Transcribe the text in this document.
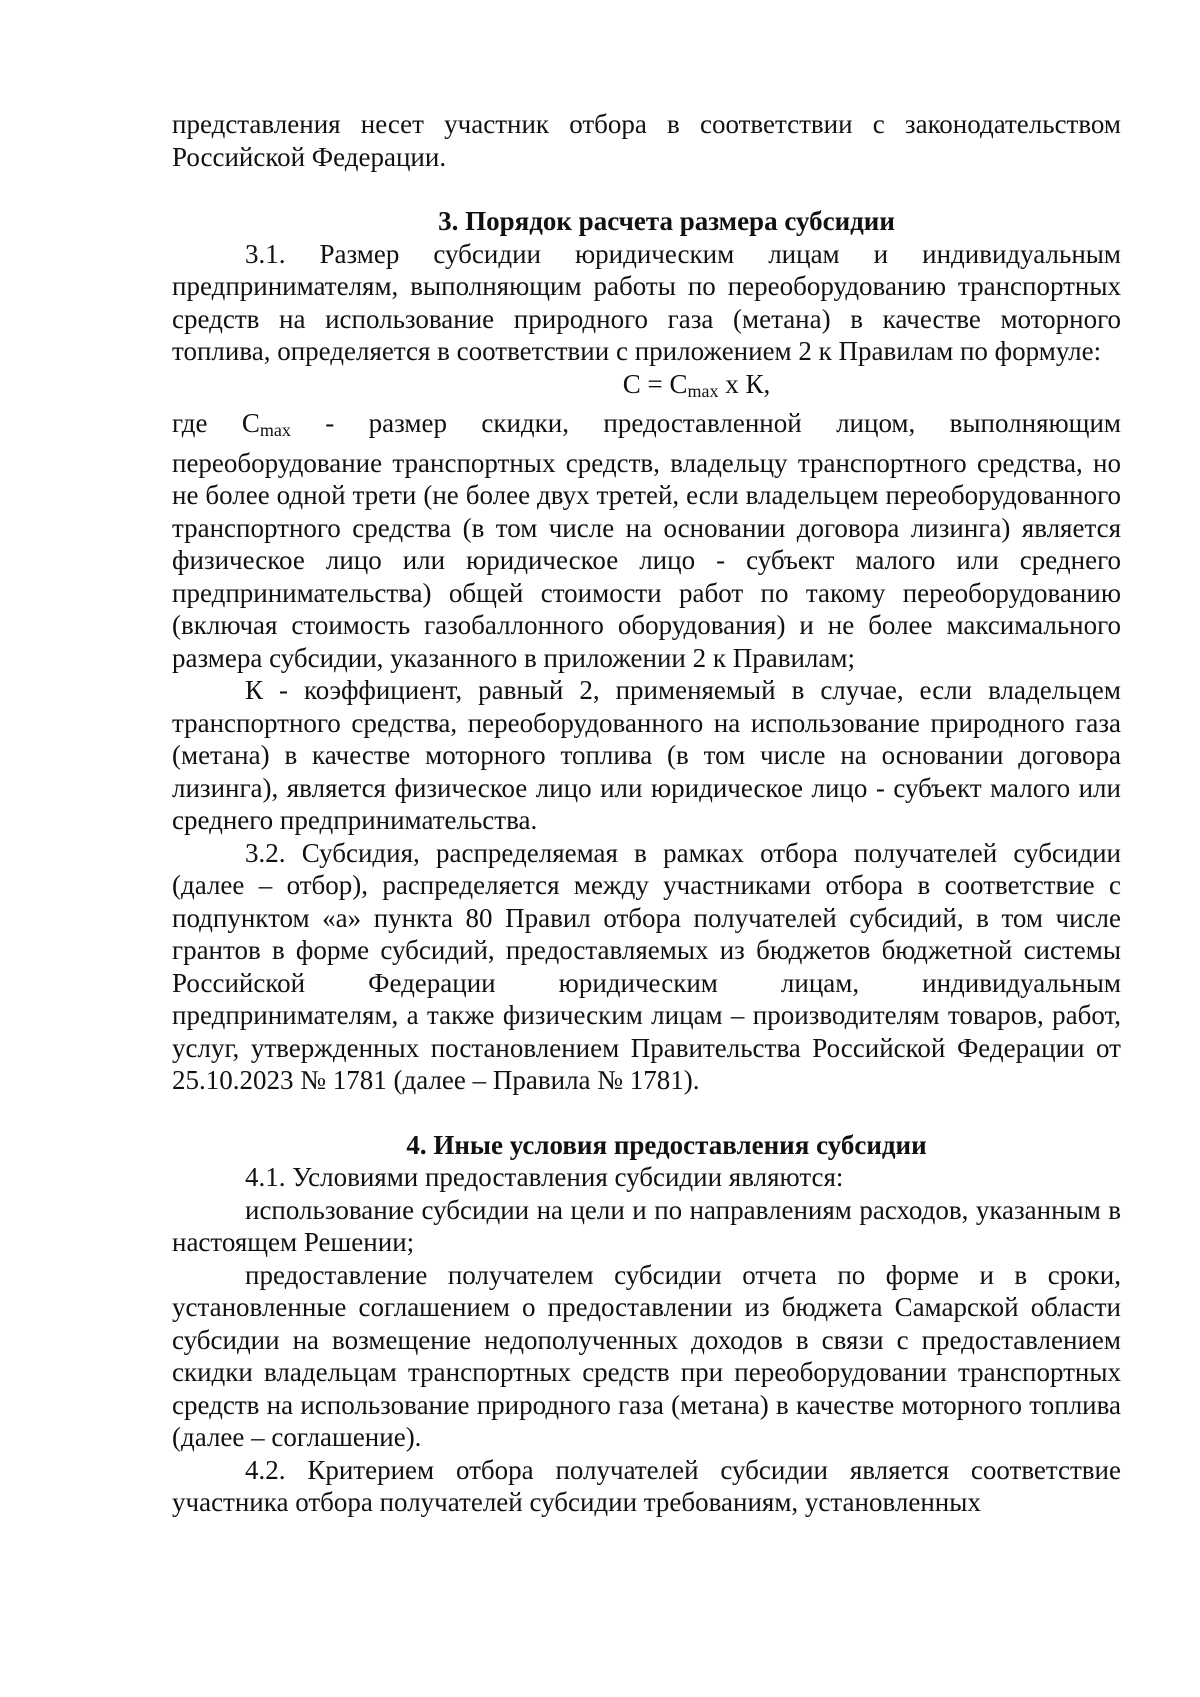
представления несет участник отбора в соответствии с законодательством Российской Федерации.

3. Порядок расчета размера субсидии

3.1. Размер субсидии юридическим лицам и индивидуальным предпринимателям, выполняющим работы по переоборудованию транспортных средств на использование природного газа (метана) в качестве моторного топлива, определяется в соответствии с приложением 2 к Правилам по формуле:

$С = С_{max}$ х К,

где $С_{max}$ - размер скидки, предоставленной лицом, выполняющим переоборудование транспортных средств, владельцу транспортного средства, но не более одной трети (не более двух третей, если владельцем переоборудованного транспортного средства (в том числе на основании договора лизинга) является физическое лицо или юридическое лицо - субъект малого или среднего предпринимательства) общей стоимости работ по такому переоборудованию (включая стоимость газобаллонного оборудования) и не более максимального размера субсидии, указанного в приложении 2 к Правилам;

К - коэффициент, равный 2, применяемый в случае, если владельцем транспортного средства, переоборудованного на использование природного газа (метана) в качестве моторного топлива (в том числе на основании договора лизинга), является физическое лицо или юридическое лицо - субъект малого или среднего предпринимательства.

3.2. Субсидия, распределяемая в рамках отбора получателей субсидии (далее – отбор), распределяется между участниками отбора в соответствие с подпунктом «а» пункта 80 Правил отбора получателей субсидий, в том числе грантов в форме субсидий, предоставляемых из бюджетов бюджетной системы Российской Федерации юридическим лицам, индивидуальным предпринимателям, а также физическим лицам – производителям товаров, работ, услуг, утвержденных постановлением Правительства Российской Федерации от 25.10.2023 № 1781 (далее – Правила № 1781).

4. Иные условия предоставления субсидии

4.1. Условиями предоставления субсидии являются:

использование субсидии на цели и по направлениям расходов, указанным в настоящем Решении;

предоставление получателем субсидии отчета по форме и в сроки, установленные соглашением о предоставлении из бюджета Самарской области субсидии на возмещение недополученных доходов в связи с предоставлением скидки владельцам транспортных средств при переоборудовании транспортных средств на использование природного газа (метана) в качестве моторного топлива (далее – соглашение).

4.2. Критерием отбора получателей субсидии является соответствие участника отбора получателей субсидии требованиям, установленных
